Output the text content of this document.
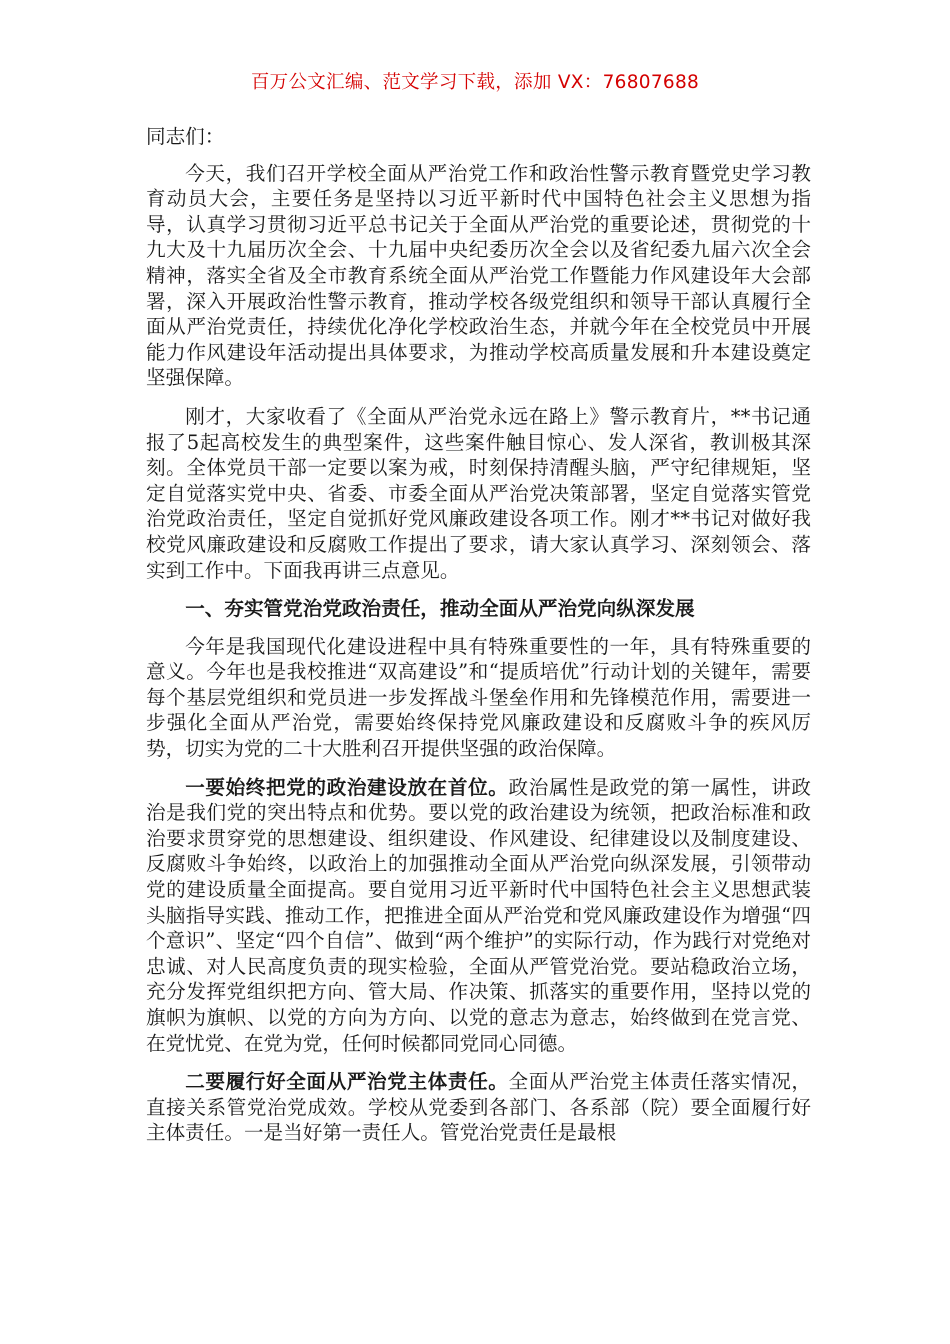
百万公文汇编、范文学习下载，添加 VX：76807688

同志们：

今天，我们召开学校全面从严治党工作和政治性警示教育暨党史学习教育动员大会，主要任务是坚持以习近平新时代中国特色社会主义思想为指导，认真学习贯彻习近平总书记关于全面从严治党的重要论述，贯彻党的十九大及十九届历次全会、十九届中央纪委历次全会以及省纪委九届六次全会精神，落实全省及全市教育系统全面从严治党工作暨能力作风建设年大会部署，深入开展政治性警示教育，推动学校各级党组织和领导干部认真履行全面从严治党责任，持续优化净化学校政治生态，并就今年在全校党员中开展能力作风建设年活动提出具体要求，为推动学校高质量发展和升本建设奠定坚强保障。

刚才，大家收看了《全面从严治党永远在路上》警示教育片，**书记通报了5起高校发生的典型案件，这些案件触目惊心、发人深省，教训极其深刻。全体党员干部一定要以案为戒，时刻保持清醒头脑，严守纪律规矩，坚定自觉落实党中央、省委、市委全面从严治党决策部署，坚定自觉落实管党治党政治责任，坚定自觉抓好党风廉政建设各项工作。刚才**书记对做好我校党风廉政建设和反腐败工作提出了要求，请大家认真学习、深刻领会、落实到工作中。下面我再讲三点意见。

一、夯实管党治党政治责任，推动全面从严治党向纵深发展

今年是我国现代化建设进程中具有特殊重要性的一年，具有特殊重要的意义。今年也是我校推进“双高建设”和“提质培优”行动计划的关键年，需要每个基层党组织和党员进一步发挥战斗堡垒作用和先锋模范作用，需要进一步强化全面从严治党，需要始终保持党风廉政建设和反腐败斗争的疾风厉势，切实为党的二十大胜利召开提供坚强的政治保障。

一要始终把党的政治建设放在首位。政治属性是政党的第一属性，讲政治是我们党的突出特点和优势。要以党的政治建设为统领，把政治标准和政治要求贯穿党的思想建设、组织建设、作风建设、纪律建设以及制度建设、反腐败斗争始终，以政治上的加强推动全面从严治党向纵深发展，引领带动党的建设质量全面提高。要自觉用习近平新时代中国特色社会主义思想武装头脑指导实践、推动工作，把推进全面从严治党和党风廉政建设作为增强“四个意识”、坚定“四个自信”、做到“两个维护”的实际行动，作为践行对党绝对忠诚、对人民高度负责的现实检验，全面从严管党治党。要站稳政治立场，充分发挥党组织把方向、管大局、作决策、抓落实的重要作用，坚持以党的旗帜为旗帜、以党的方向为方向、以党的意志为意志，始终做到在党言党、在党忧党、在党为党，任何时候都同党同心同德。

二要履行好全面从严治党主体责任。全面从严治党主体责任落实情况，直接关系管党治党成效。学校从党委到各部门、各系部（院）要全面履行好主体责任。一是当好第一责任人。管党治党责任是最根
